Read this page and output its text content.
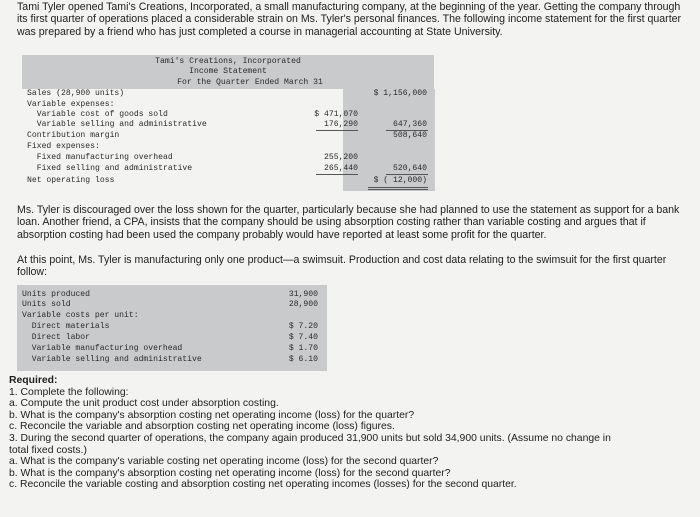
Tami Tyler opened Tami's Creations, Incorporated, a small manufacturing company, at the beginning of the year. Getting the company through its first quarter of operations placed a considerable strain on Ms. Tyler's personal finances. The following income statement for the first quarter was prepared by a friend who has just completed a course in managerial accounting at State University.
Tami's Creations, Incorporated
Income Statement
For the Quarter Ended March 31
Sales (28,900 units)	$ 1,156,000
Variable expenses:
Variable cost of goods sold	$ 471,070
Variable selling and administrative	176,290	647,360
Contribution margin	508,640
Fixed expenses:
Fixed manufacturing overhead	255,200
Fixed selling and administrative	265,440	520,640
Net operating loss	$ ( 12,000)
Ms. Tyler is discouraged over the loss shown for the quarter, particularly because she had planned to use the statement as support for a bank loan. Another friend, a CPA, insists that the company should be using absorption costing rather than variable costing and argues that if absorption costing had been used the company probably would have reported at least some profit for the quarter.
At this point, Ms. Tyler is manufacturing only one product—a swimsuit. Production and cost data relating to the swimsuit for the first quarter follow:
Units produced	31,900
Units sold	28,900
Variable costs per unit:
Direct materials	$ 7.20
Direct labor	$ 7.40
Variable manufacturing overhead	$ 1.70
Variable selling and administrative	$ 6.10
Required:
1. Complete the following:
a. Compute the unit product cost under absorption costing.
b. What is the company's absorption costing net operating income (loss) for the quarter?
c. Reconcile the variable and absorption costing net operating income (loss) figures.
3. During the second quarter of operations, the company again produced 31,900 units but sold 34,900 units. (Assume no change in
total fixed costs.)
a. What is the company's variable costing net operating income (loss) for the second quarter?
b. What is the company's absorption costing net operating income (loss) for the second quarter?
c. Reconcile the variable costing and absorption costing net operating incomes (losses) for the second quarter.
